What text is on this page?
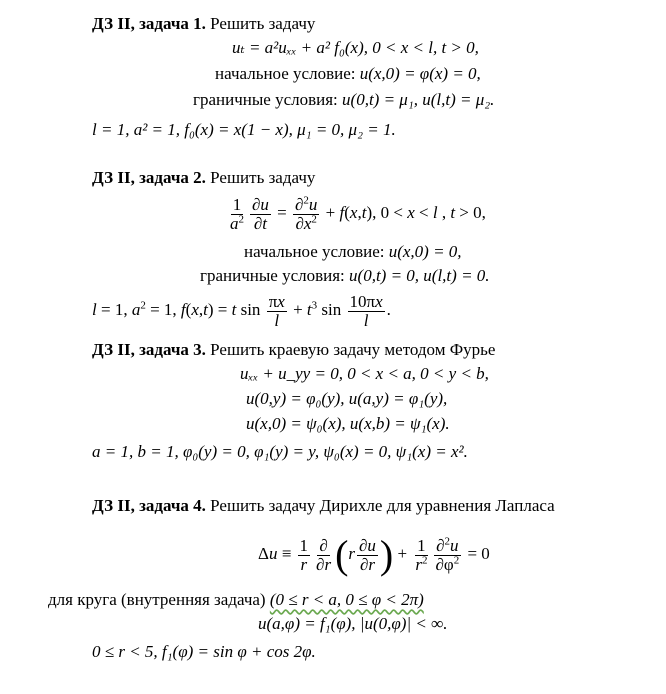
ДЗ II, задача 1. Решить задачу
uₜ = a²uₓₓ + a² f₀(x), 0 < x < l, t > 0,
начальное условие: u(x,0) = φ(x) = 0,
граничные условия: u(0,t) = μ₁, u(l,t) = μ₂.
l = 1, a² = 1, f₀(x) = x(1 − x), μ₁ = 0, μ₂ = 1.
ДЗ II, задача 2. Решить задачу
$\frac{1}{a^2} \frac{\partial u}{\partial t} = \frac{\partial^2u}{\partial x^2} + f(x,t)$, 0 < x < l , t > 0,
начальное условие: u(x,0) = 0,
граничные условия: u(0,t) = 0, u(l,t) = 0.
l = 1, $a^2 = 1$, f(x,t) = t $\sin \frac{\pi x}{l} + t^3$ $\sin \frac{10\pi x}{l}$ .
ДЗ II, задача 3. Решить краевую задачу методом Фурье
uₓₓ + u_yy = 0, 0 < x < a, 0 < y < b,
u(0,y) = φ₀(y), u(a,y) = φ₁(y),
u(x,0) = ψ₀(x), u(x,b) = ψ₁(x).
a = 1, b = 1, φ₀(y) = 0, φ₁(y) = y, ψ₀(x) = 0, ψ₁(x) = x².
ДЗ II, задача 4. Решить задачу Дирихле для уравнения Лапласа
$\Delta u \equiv \frac{1}{r} \frac{\partial}{\partial r} (r \frac{\partial u}{\partial r}$ ) + $\frac{1}{r^2} \frac{\partial^2u}{\partial\varphi^2} = 0$
для круга (внутренняя задача) (0 ≤ r < a, 0 ≤ φ < 2π)
u(a,φ) = f₁(φ), |u(0,φ)| < ∞.
0 ≤ r < 5, f₁(φ) = sin φ + cos 2φ.
